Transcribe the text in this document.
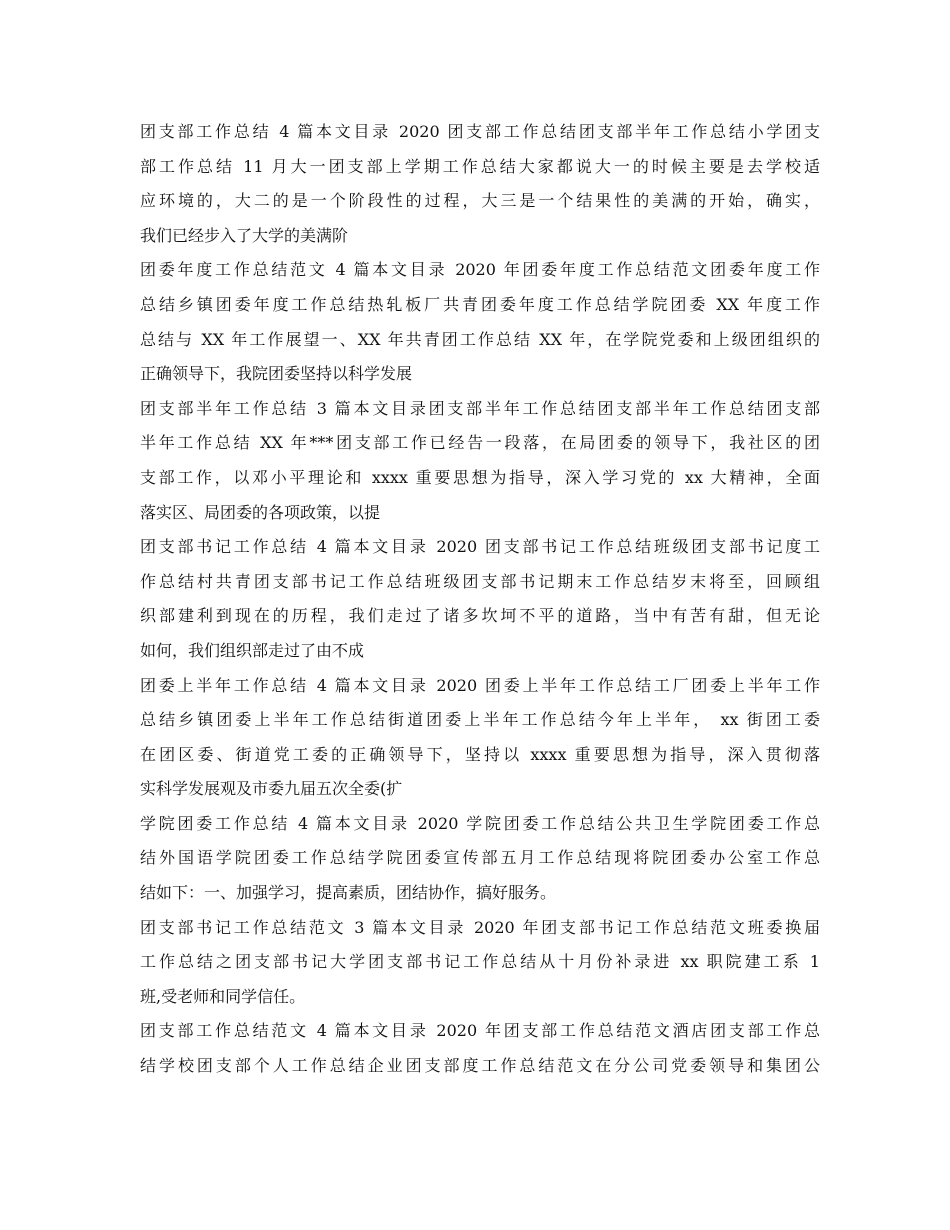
团支部工作总结 4 篇本文目录 2020 团支部工作总结团支部半年工作总结小学团支
部工作总结 11 月大一团支部上学期工作总结大家都说大一的时候主要是去学校适
应环境的，大二的是一个阶段性的过程，大三是一个结果性的美满的开始，确实，
我们已经步入了大学的美满阶
团委年度工作总结范文 4 篇本文目录 2020 年团委年度工作总结范文团委年度工作
总结乡镇团委年度工作总结热轧板厂共青团委年度工作总结学院团委 XX 年度工作
总结与 XX 年工作展望一、XX 年共青团工作总结 XX 年，在学院党委和上级团组织的
正确领导下，我院团委坚持以科学发展
团支部半年工作总结 3 篇本文目录团支部半年工作总结团支部半年工作总结团支部
半年工作总结 XX 年***团支部工作已经告一段落，在局团委的领导下，我社区的团
支部工作，以邓小平理论和 xxxx 重要思想为指导，深入学习党的 xx 大精神，全面
落实区、局团委的各项政策，以提
团支部书记工作总结 4 篇本文目录 2020 团支部书记工作总结班级团支部书记度工
作总结村共青团支部书记工作总结班级团支部书记期末工作总结岁末将至，回顾组
织部建利到现在的历程，我们走过了诸多坎坷不平的道路，当中有苦有甜，但无论
如何，我们组织部走过了由不成
团委上半年工作总结 4 篇本文目录 2020 团委上半年工作总结工厂团委上半年工作
总结乡镇团委上半年工作总结街道团委上半年工作总结今年上半年， xx 街团工委
在团区委、街道党工委的正确领导下，坚持以 xxxx 重要思想为指导，深入贯彻落
实科学发展观及市委九届五次全委(扩
学院团委工作总结 4 篇本文目录 2020 学院团委工作总结公共卫生学院团委工作总
结外国语学院团委工作总结学院团委宣传部五月工作总结现将院团委办公室工作总
结如下：一、加强学习，提高素质，团结协作，搞好服务。
团支部书记工作总结范文 3 篇本文目录 2020 年团支部书记工作总结范文班委换届
工作总结之团支部书记大学团支部书记工作总结从十月份补录进 xx 职院建工系 1
班,受老师和同学信任。
团支部工作总结范文 4 篇本文目录 2020 年团支部工作总结范文酒店团支部工作总
结学校团支部个人工作总结企业团支部度工作总结范文在分公司党委领导和集团公
